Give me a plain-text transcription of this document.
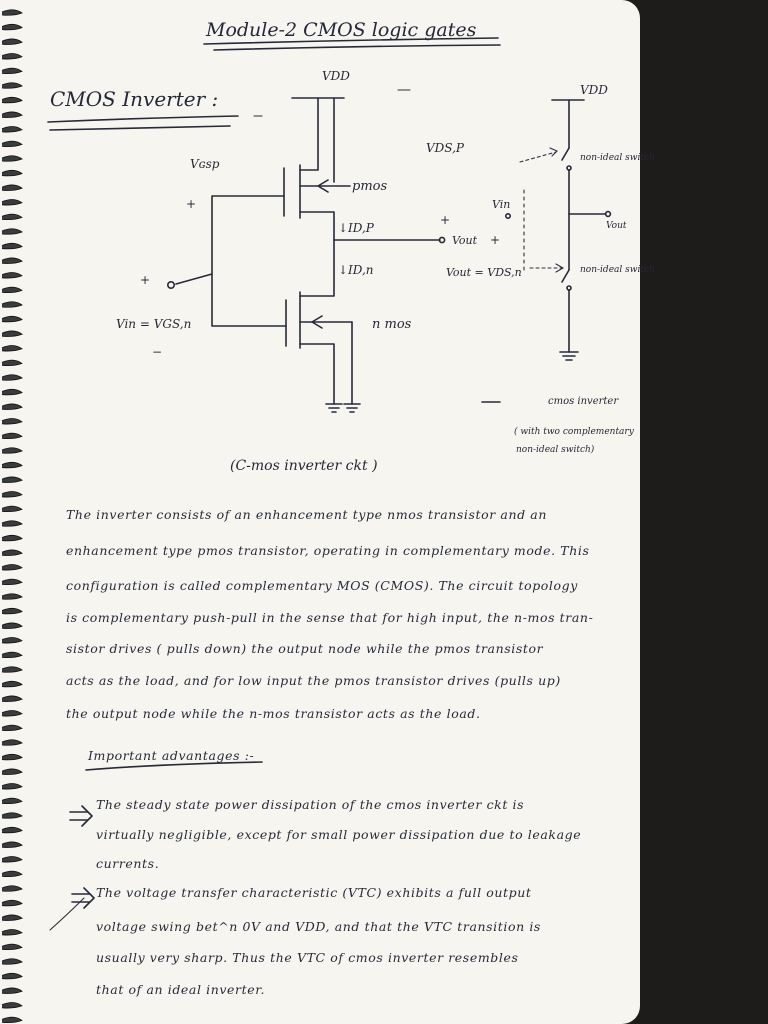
Module-2 CMOS logic gates
CMOS Inverter :
VDD
pmos
↓ID,P
Vout
Vout = VDS,n
+
+
VDS,P
↓ID,n
n mos
Vɢsp
+
+
Vin = VGS,n
−
(C-mos inverter ckt )
VDD
non-ideal switch
Vout
Vin
non-ideal switch.
cmos inverter
( with two complementary
non-ideal switch)
The inverter consists of an enhancement type nmos transistor and an
enhancement type pmos transistor, operating in complementary mode. This
configuration is called complementary MOS (CMOS). The circuit topology
is complementary push-pull in the sense that for high input, the n-mos tran-
sistor drives ( pulls down) the output node while the pmos transistor
acts as the load, and for low input the pmos transistor drives (pulls up)
the output node while the n-mos transistor acts as the load.
Important advantages :-
The steady state power dissipation of the cmos inverter ckt is
virtually negligible, except for small power dissipation due to leakage
currents.
The voltage transfer characteristic (VTC) exhibits a full output
voltage swing bet^n 0V and VDD, and that the VTC transition is
usually very sharp. Thus the VTC of cmos inverter resembles
that of an ideal inverter.
